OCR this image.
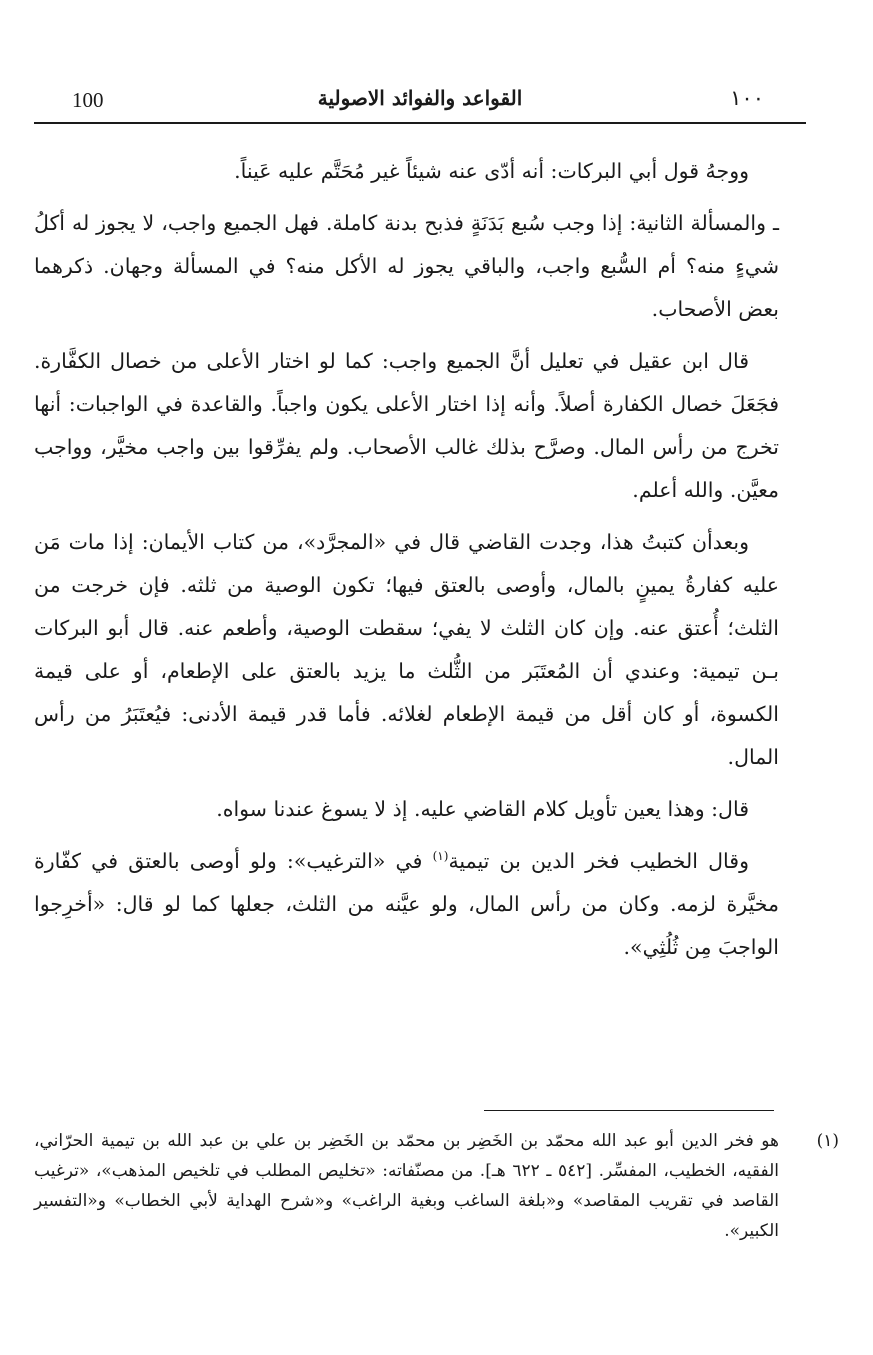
100	القواعد والفوائد الاصولية	١٠٠

ووجهُ قول أبي البركات: أنه أدّى عنه شيئاً غير مُحَتَّم عليه عَيناً.

ـ والمسألة الثانية: إذا وجب سُبع بَدَنَةٍ فذبح بدنة كاملة. فهل الجميع واجب، لا يجوز له أكلُ شيءٍ منه؟ أم السُّبع واجب، والباقي يجوز له الأكل منه؟ في المسألة وجهان. ذكرهما بعض الأصحاب.

قال ابن عقيل في تعليل أنَّ الجميع واجب: كما لو اختار الأعلى من خصال الكفَّارة. فجَعَلَ خصال الكفارة أصلاً. وأنه إذا اختار الأعلى يكون واجباً. والقاعدة في الواجبات: أنها تخرج من رأس المال. وصرَّح بذلك غالب الأصحاب. ولم يفرِّقوا بين واجب مخيَّر، وواجب معيَّن. والله أعلم.

وبعدأن كتبتُ هذا، وجدت القاضي قال في «المجرَّد»، من كتاب الأيمان: إذا مات مَن عليه كفارةُ يمينٍ بالمال، وأوصى بالعتق فيها؛ تكون الوصية من ثلثه. فإن خرجت من الثلث؛ أُعتق عنه. وإن كان الثلث لا يفي؛ سقطت الوصية، وأطعم عنه. قال أبو البركات بـن تيمية: وعندي أن المُعتَبَر من الثُّلث ما يزيد بالعتق على الإطعام، أو على قيمة الكسوة، أو كان أقل من قيمة الإطعام لغلائه. فأما قدر قيمة الأدنى: فيُعتَبَرُ من رأس المال.

قال: وهذا يعين تأويل كلام القاضي عليه. إذ لا يسوغ عندنا سواه.

وقال الخطيب فخر الدين بن تيمية$^{(١)}$ في «الترغيب»: ولو أوصى بالعتق في كفّارة مخيَّرة لزمه. وكان من رأس المال، ولو عيَّنه من الثلث، جعلها كما لو قال: «أخرِجوا الواجبَ مِن ثُلُثِي».

(١)
هو فخر الدين أبو عبد الله محمّد بن الخَضِر بن محمّد بن الخَضِر بن علي بن عبد الله بن تيمية الحرّاني، الفقيه، الخطيب، المفسِّر. [٥٤٢ ـ ٦٢٢ هـ]. من مصنّفاته: «تخليص المطلب في تلخيص المذهب»، «ترغيب القاصد في تقريب المقاصد» و«بلغة الساغب وبغية الراغب» و«شرح الهداية لأبي الخطاب» و«التفسير الكبير».
